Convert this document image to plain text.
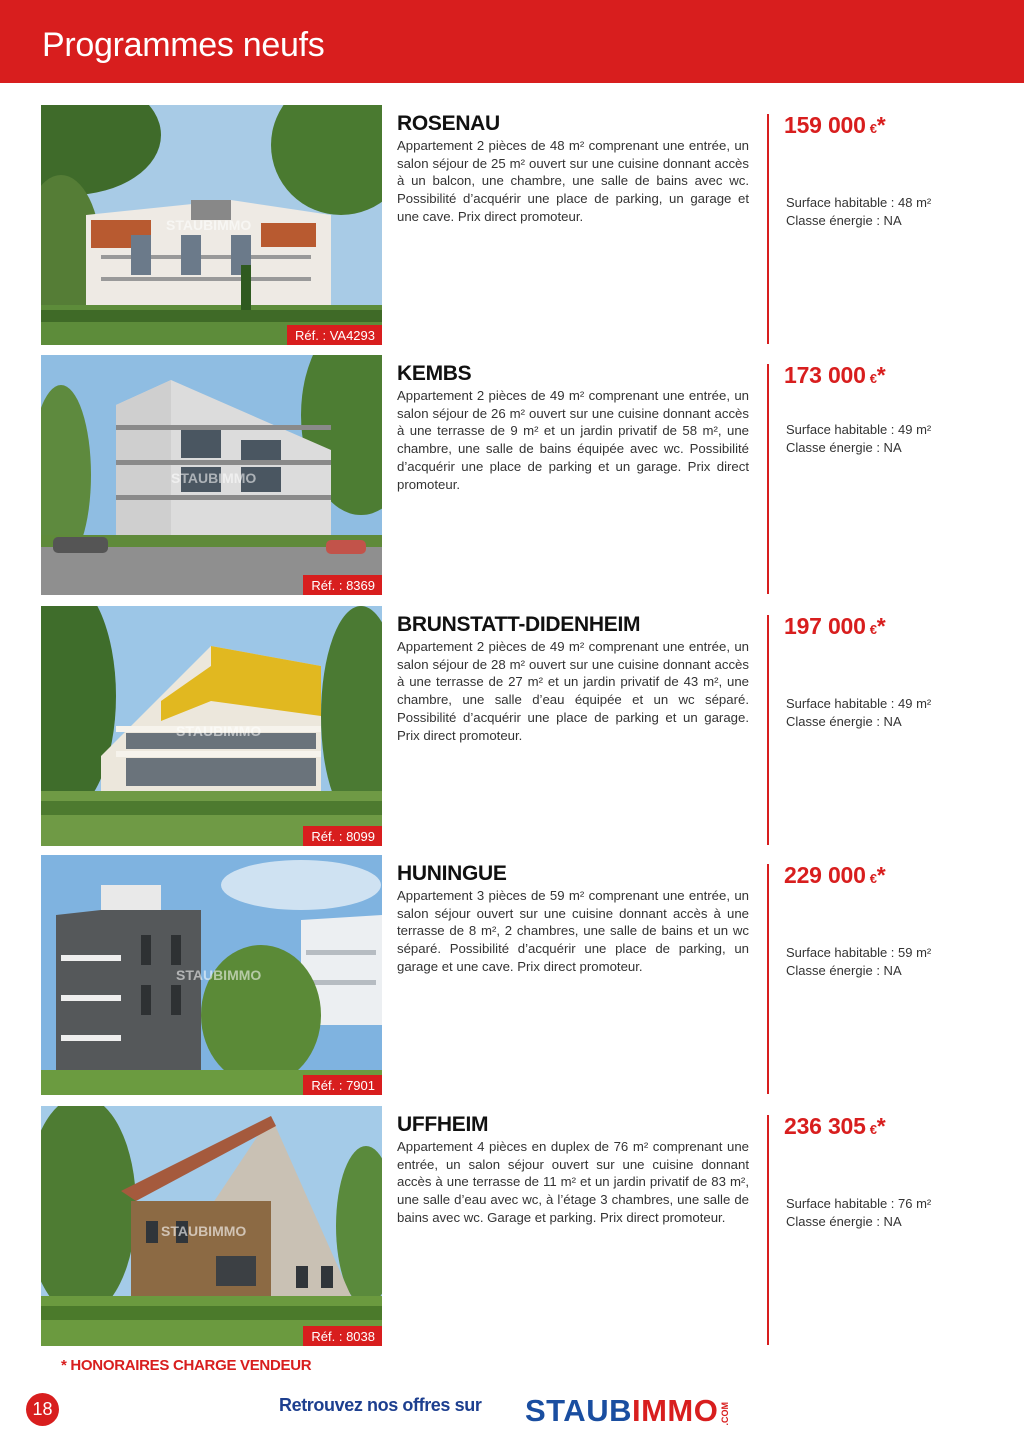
Programmes neufs
STAUBIMMO
Réf. : VA4293
ROSENAU

Appartement 2 pièces de 48 m² comprenant une entrée, un salon séjour de 25 m² ouvert sur une cuisine donnant accès à un balcon, une chambre, une salle de bains avec wc. Possibilité d’acquérir une place de parking, un garage et une cave. Prix direct promoteur.

159 000 €*
Surface habitable : 48 m²
Classe énergie : NA
STAUBIMMO
Réf. : 8369
KEMBS

Appartement 2 pièces de 49 m² comprenant une entrée, un salon séjour de 26 m² ouvert sur une cuisine donnant accès à une terrasse de 9 m² et un jardin privatif de 58 m², une chambre, une salle de bains équipée avec wc. Possibilité d’acquérir une place de parking et un garage. Prix direct promoteur.

173 000 €*
Surface habitable : 49 m²
Classe énergie : NA
STAUBIMMO
Réf. : 8099
BRUNSTATT-DIDENHEIM

Appartement 2 pièces de 49 m² comprenant une entrée, un salon séjour de 28 m² ouvert sur une cuisine donnant accès à une terrasse de 27 m² et un jardin privatif de 43 m², une chambre, une salle d’eau équipée et un wc séparé. Possibilité d’acquérir une place de parking et un garage. Prix direct promoteur.

197 000 €*
Surface habitable : 49 m²
Classe énergie : NA
STAUBIMMO
Réf. : 7901
HUNINGUE

Appartement 3 pièces de 59 m² comprenant une entrée, un salon séjour ouvert sur une cuisine donnant accès à une terrasse de 8 m², 2 chambres, une salle de bains et un wc séparé. Possibilité d’acquérir une place de parking, un garage et une cave. Prix direct promoteur.

229 000 €*
Surface habitable : 59 m²
Classe énergie : NA
STAUBIMMO
Réf. : 8038
UFFHEIM

Appartement 4 pièces en duplex de 76 m² comprenant une entrée, un salon séjour ouvert sur une cuisine donnant accès à une terrasse de 11 m² et un jardin privatif de 83 m², une salle d’eau avec wc, à l’étage 3 chambres, une salle de bains avec wc. Garage et parking. Prix direct promoteur.

236 305 €*
Surface habitable : 76 m²
Classe énergie : NA
* HONORAIRES CHARGE VENDEUR
18	Retrouvez nos offres sur STAUBIMMO .COM
